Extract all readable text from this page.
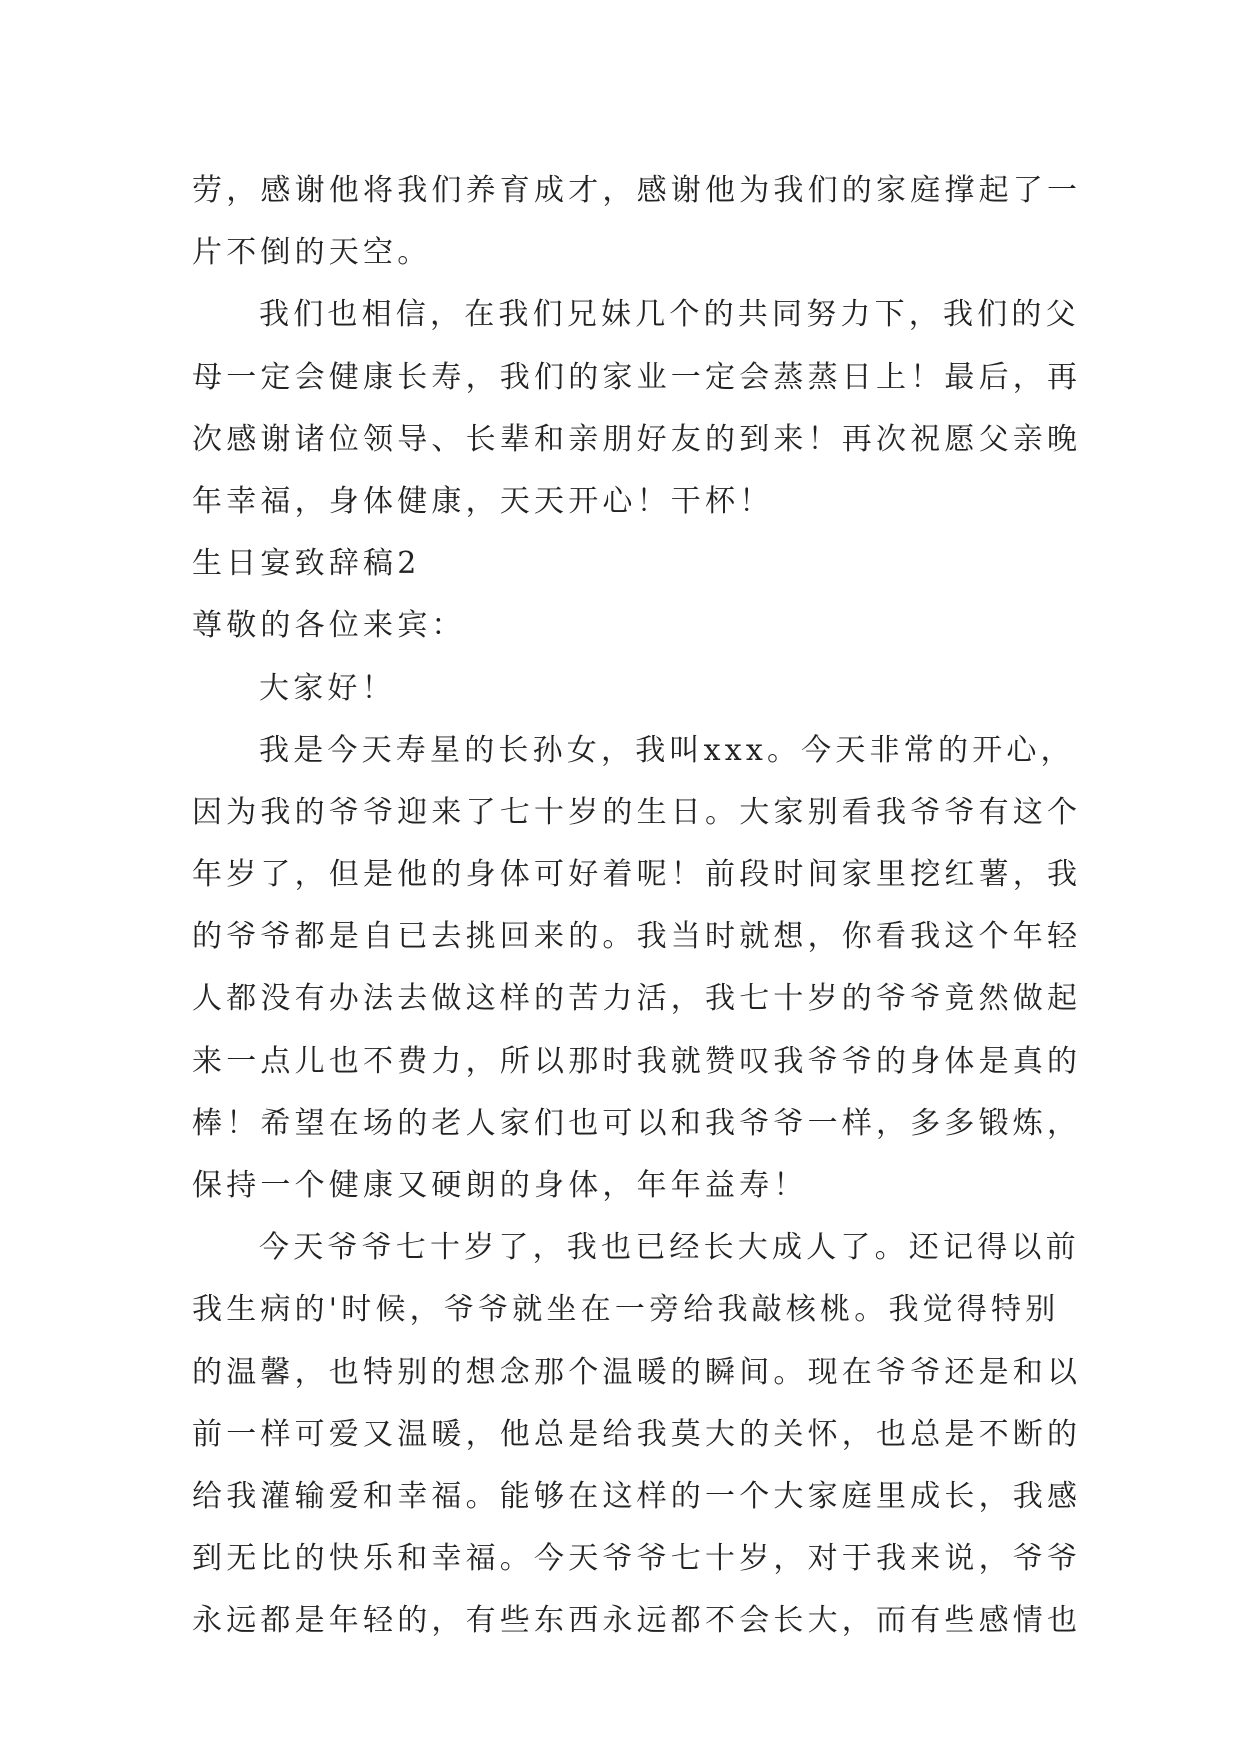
劳，感谢他将我们养育成才，感谢他为我们的家庭撑起了一

片不倒的天空。

我们也相信，在我们兄妹几个的共同努力下，我们的父

母一定会健康长寿，我们的家业一定会蒸蒸日上！最后，再

次感谢诸位领导、长辈和亲朋好友的到来！再次祝愿父亲晚

年幸福，身体健康，天天开心！干杯！

生日宴致辞稿2

尊敬的各位来宾：

大家好！

我是今天寿星的长孙女，我叫xxx。今天非常的开心，

因为我的爷爷迎来了七十岁的生日。大家别看我爷爷有这个

年岁了，但是他的身体可好着呢！前段时间家里挖红薯，我

的爷爷都是自已去挑回来的。我当时就想，你看我这个年轻

人都没有办法去做这样的苦力活，我七十岁的爷爷竟然做起

来一点儿也不费力，所以那时我就赞叹我爷爷的身体是真的

棒！希望在场的老人家们也可以和我爷爷一样，多多锻炼，

保持一个健康又硬朗的身体，年年益寿！

今天爷爷七十岁了，我也已经长大成人了。还记得以前

我生病的'时候，爷爷就坐在一旁给我敲核桃。我觉得特别

的温馨，也特别的想念那个温暖的瞬间。现在爷爷还是和以

前一样可爱又温暖，他总是给我莫大的关怀，也总是不断的

给我灌输爱和幸福。能够在这样的一个大家庭里成长，我感

到无比的快乐和幸福。今天爷爷七十岁，对于我来说，爷爷

永远都是年轻的，有些东西永远都不会长大，而有些感情也
